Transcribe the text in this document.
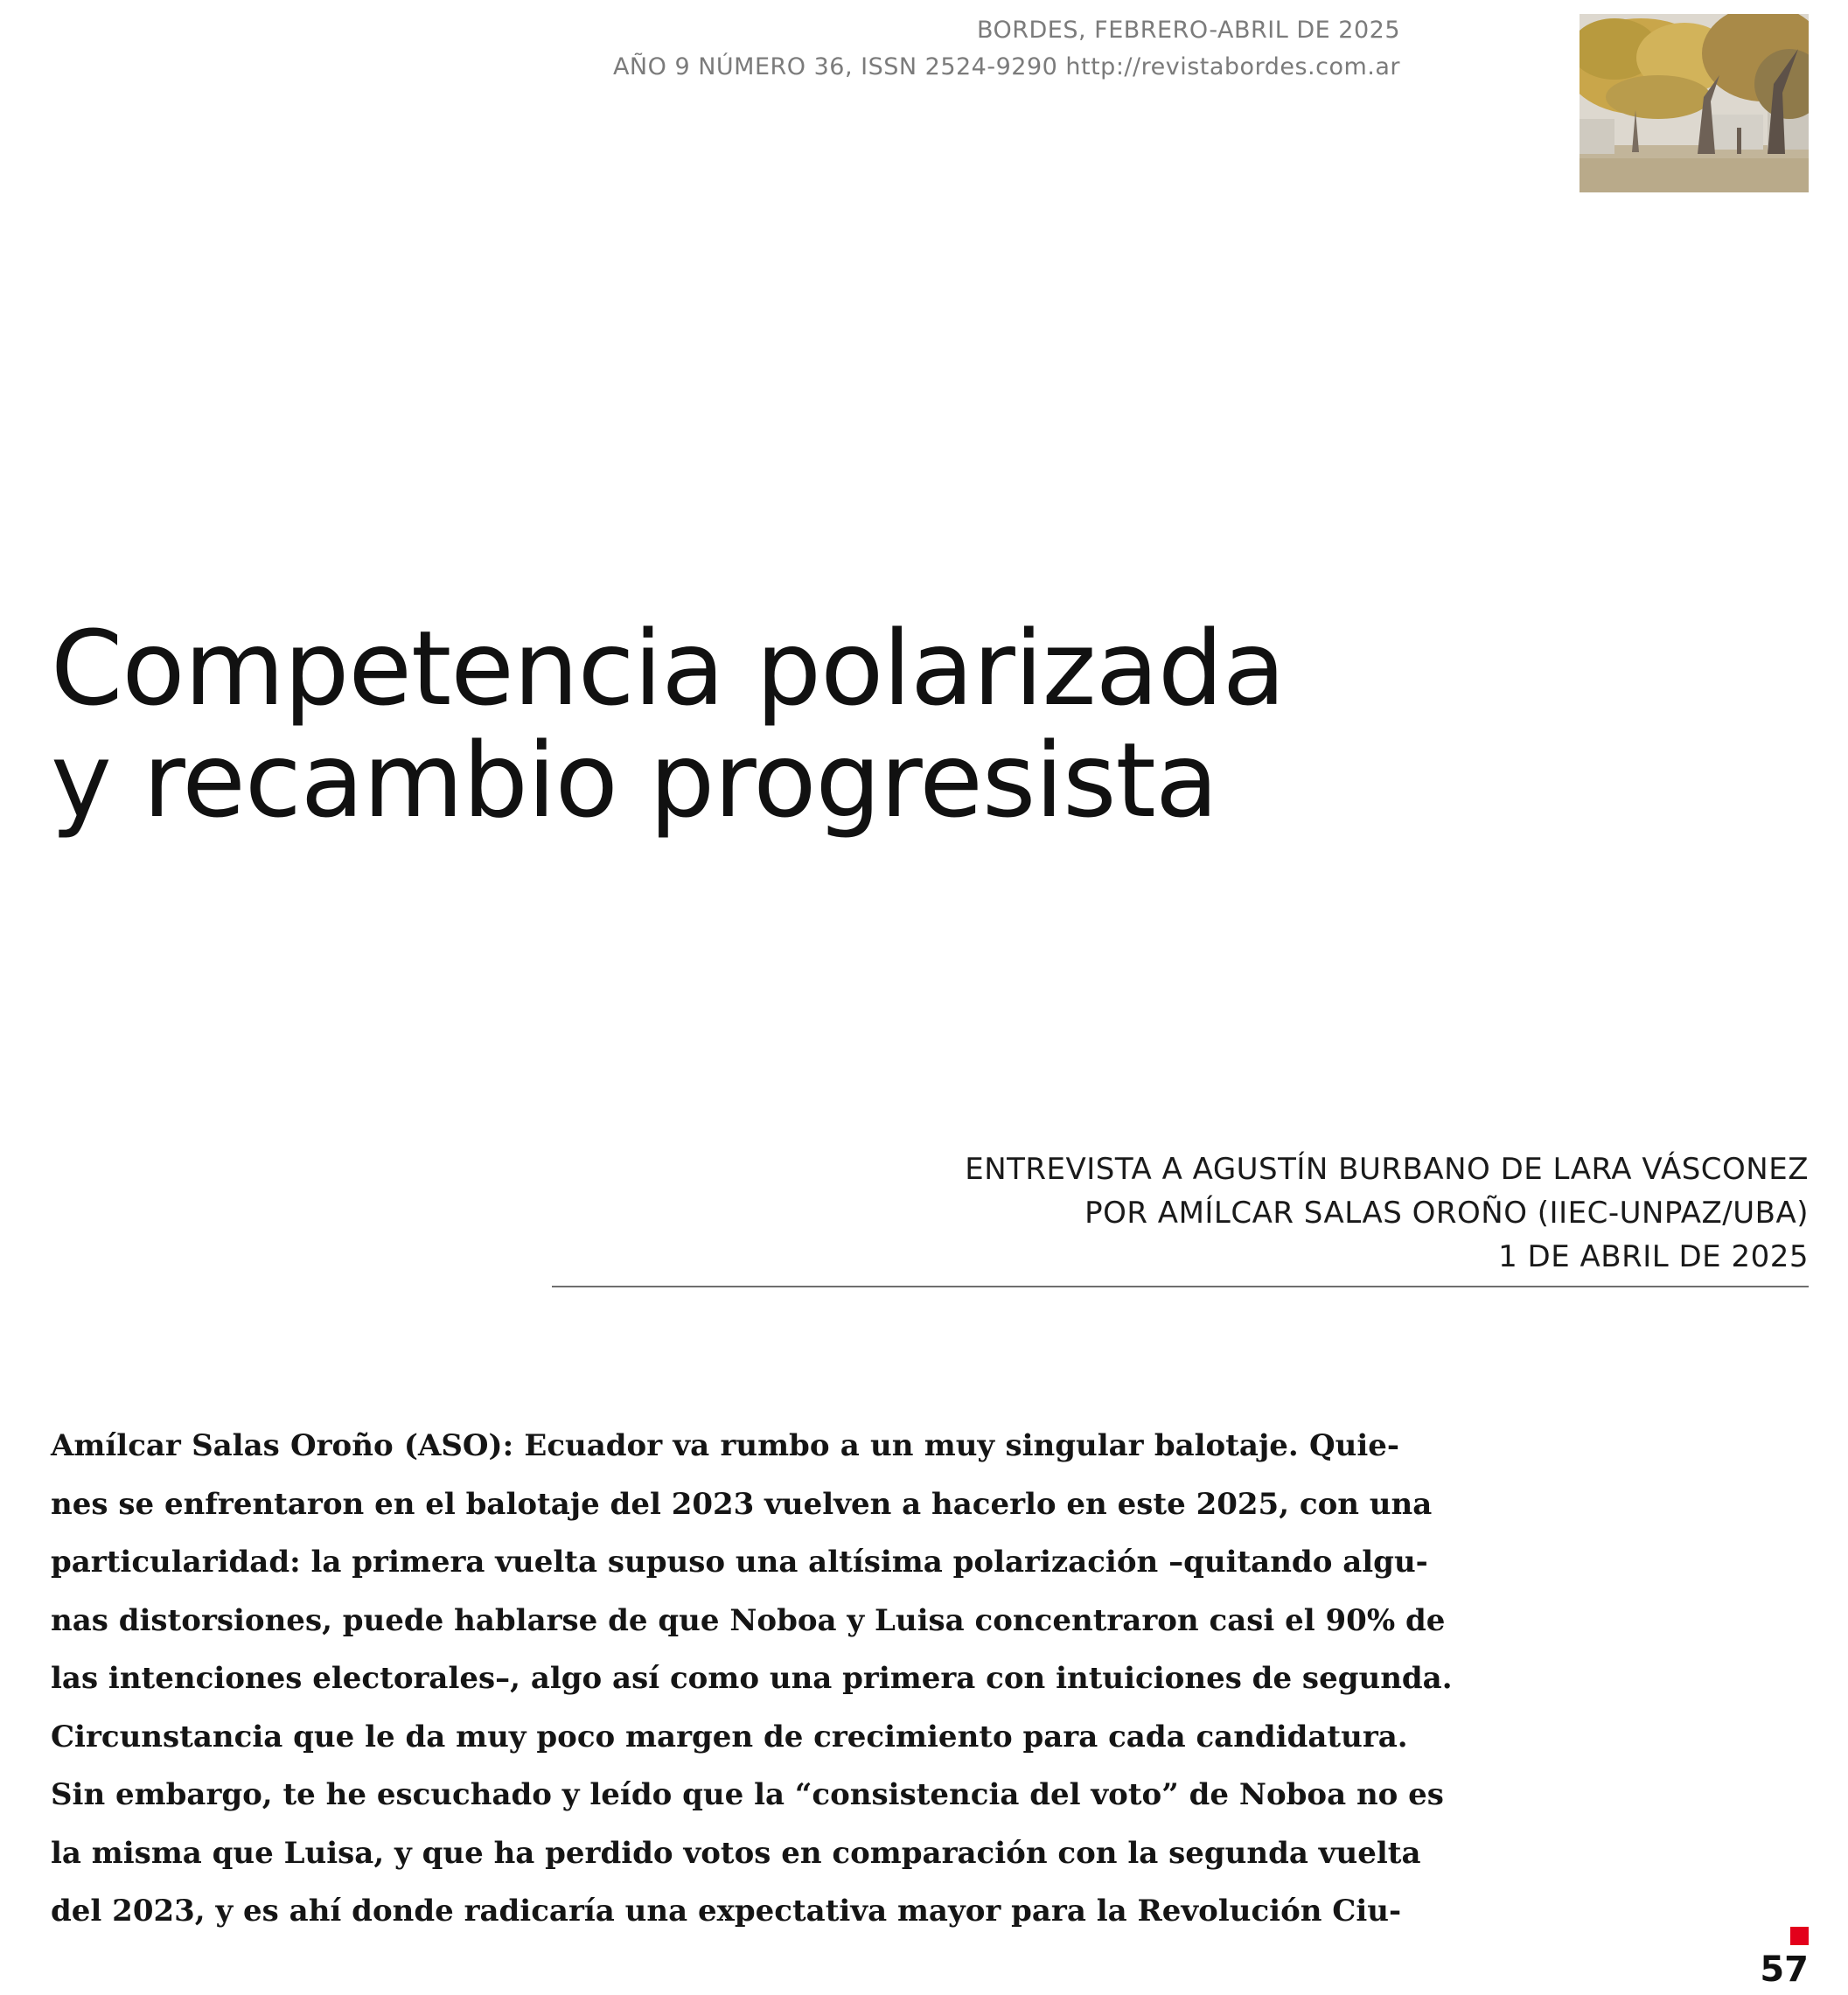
BORDES, FEBRERO-ABRIL DE 2025
AÑO 9 NÚMERO 36, ISSN 2524-9290 http://revistabordes.com.ar
Competencia polarizada
y recambio progresista
ENTREVISTA A AGUSTÍN BURBANO DE LARA VÁSCONEZ
POR AMÍLCAR SALAS OROÑO (IIEC-UNPAZ/UBA)
1 DE ABRIL DE 2025
Amílcar Salas Oroño (ASO): Ecuador va rumbo a un muy singular balotaje. Quie-
nes se enfrentaron en el balotaje del 2023 vuelven a hacerlo en este 2025, con una
particularidad: la primera vuelta supuso una altísima polarización –quitando algu-
nas distorsiones, puede hablarse de que Noboa y Luisa concentraron casi el 90% de
las intenciones electorales–, algo así como una primera con intuiciones de segunda.
Circunstancia que le da muy poco margen de crecimiento para cada candidatura.
Sin embargo, te he escuchado y leído que la “consistencia del voto” de Noboa no es
la misma que Luisa, y que ha perdido votos en comparación con la segunda vuelta
del 2023, y es ahí donde radicaría una expectativa mayor para la Revolución Ciu-
57
